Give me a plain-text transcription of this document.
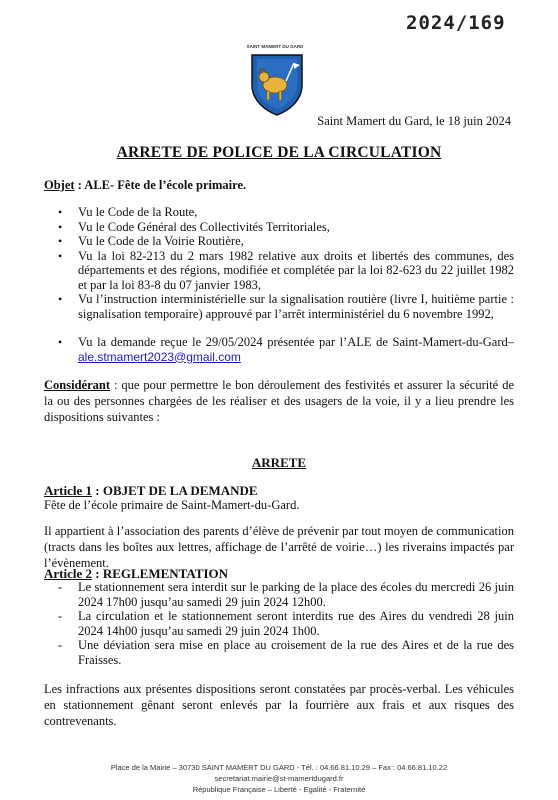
2024/169
SAINT MAMERT DU GARD
Saint Mamert du Gard, le 18 juin 2024
ARRETE DE POLICE DE LA CIRCULATION
Objet : ALE- Fête de l’école primaire.
• Vu le Code de la Route,
• Vu le Code Général des Collectivités Territoriales,
• Vu le Code de la Voirie Routière,
• Vu la loi 82-213 du 2 mars 1982 relative aux droits et libertés des communes, des départements et des régions, modifiée et complétée par la loi 82-623 du 22 juillet 1982 et par la loi 83-8 du 07 janvier 1983,
• Vu l’instruction interministérielle sur la signalisation routière (livre I, huitième partie : signalisation temporaire) approuvé par l’arrêt interministériel du 6 novembre 1992,
• Vu la demande reçue le 29/05/2024 présentée par l’ALE de Saint-Mamert-du-Gard– ale.stmamert2023@gmail.com
Considérant : que pour permettre le bon déroulement des festivités et assurer la sécurité de la ou des personnes chargées de les réaliser et des usagers de la voie, il y a lieu prendre les dispositions suivantes :
ARRETE
Article 1 : OBJET DE LA DEMANDE
Fête de l’école primaire de Saint-Mamert-du-Gard.
Il appartient à l’association des parents d’élève de prévenir par tout moyen de communication (tracts dans les boîtes aux lettres, affichage de l’arrêté de voirie…) les riverains impactés par l’évènement.
Article 2 : REGLEMENTATION
- Le stationnement sera interdit sur le parking de la place des écoles du mercredi 26 juin 2024 17h00 jusqu’au samedi 29 juin 2024 12h00.
- La circulation et le stationnement seront interdits rue des Aires du vendredi 28 juin 2024 14h00 jusqu’au samedi 29 juin 2024 1h00.
- Une déviation sera mise en place au croisement de la rue des Aires et de la rue des Fraisses.
Les infractions aux présentes dispositions seront constatées par procès-verbal. Les véhicules en stationnement gênant seront enlevés par la fourrière aux frais et aux risques des contrevenants.
Place de la Mairie – 30730 SAINT MAMERT DU GARD - Tél. : 04.66.81.10.29 – Fax : 04.66.81.10.22
secretariat.mairie@st-mamertdugard.fr
République Française – Liberté - Egalité - Fraternité
